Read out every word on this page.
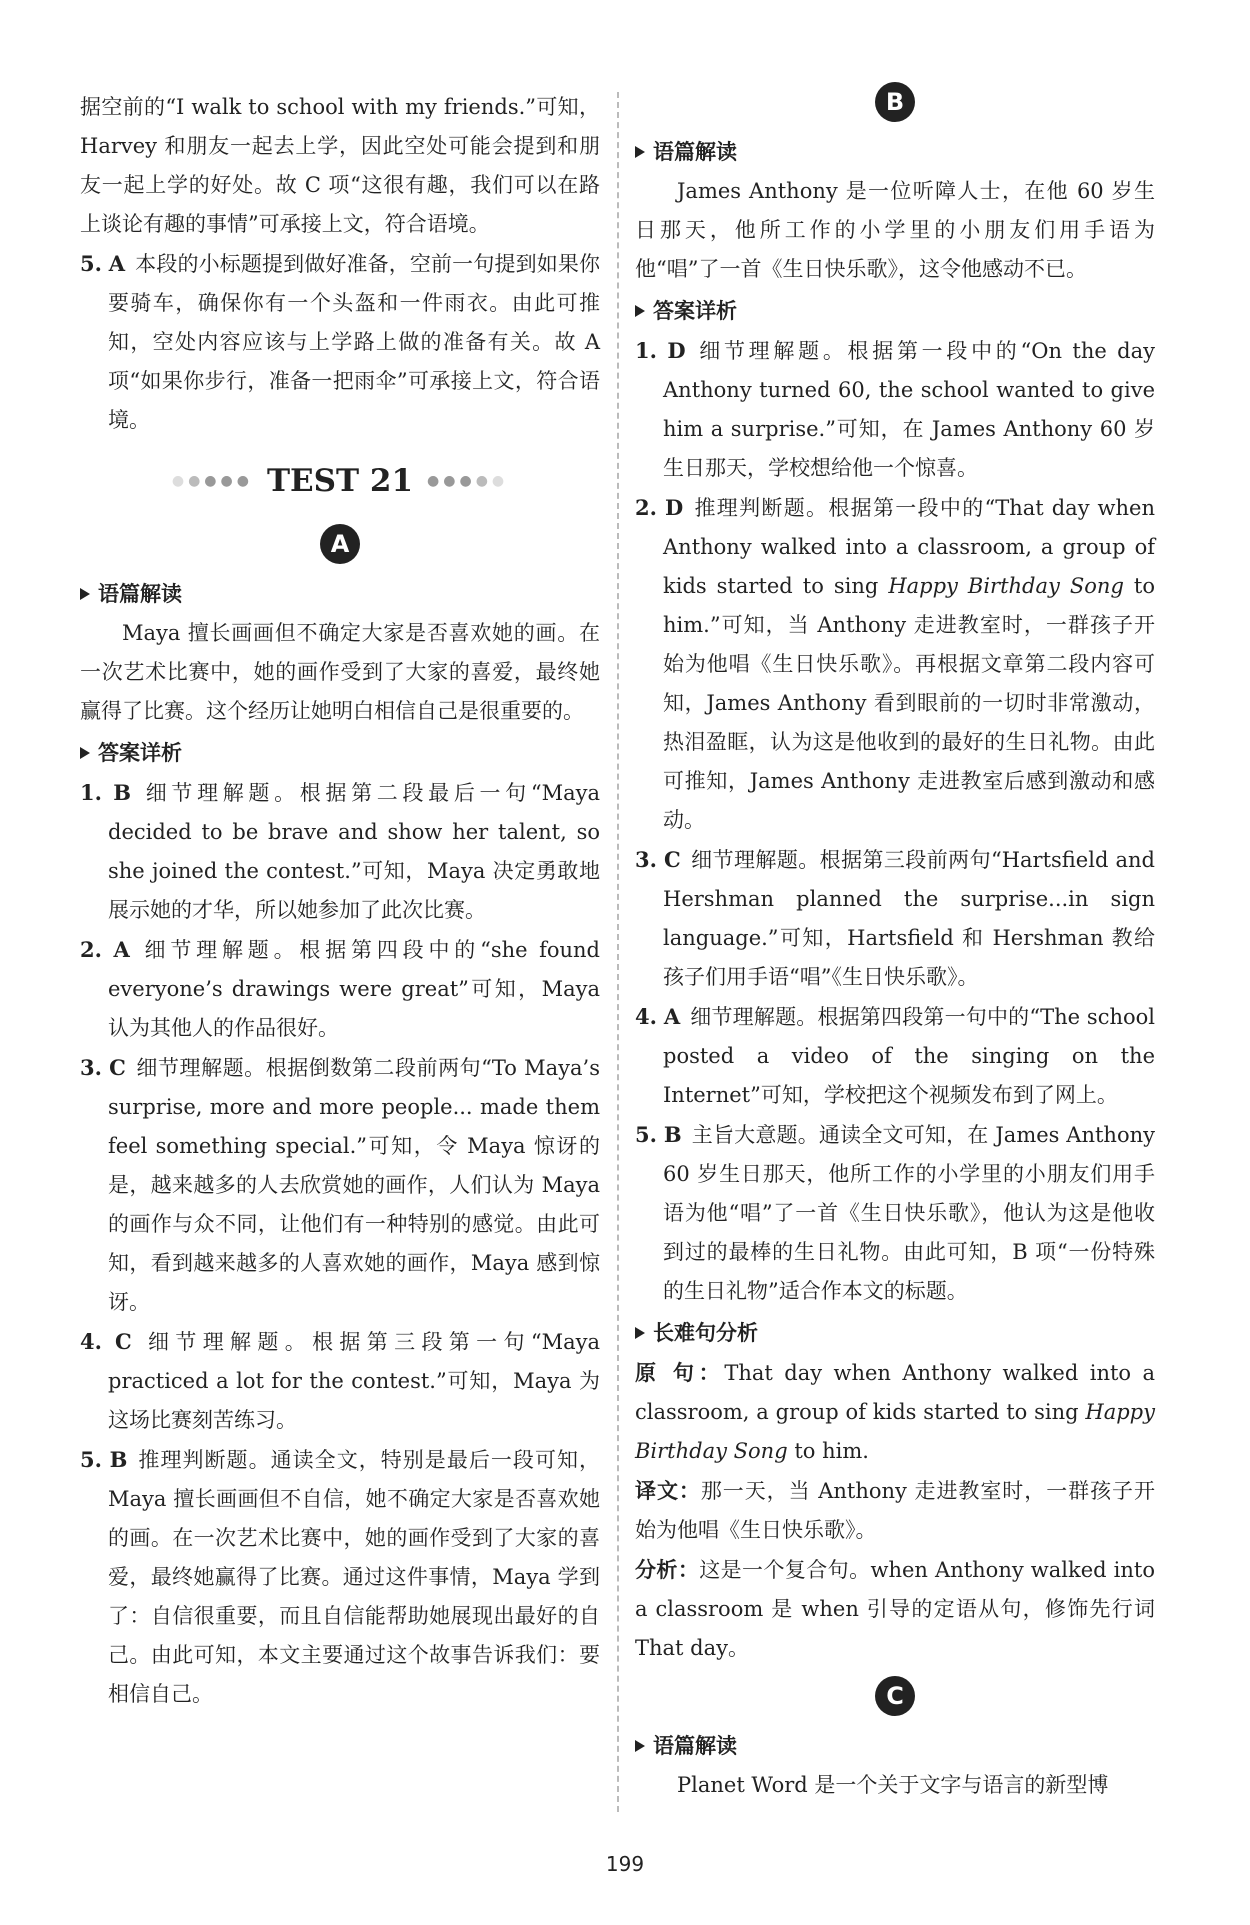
据空前的“I walk to school with my friends.”可知，Harvey 和朋友一起去上学，因此空处可能会提到和朋友一起上学的好处。故 C 项“这很有趣，我们可以在路上谈论有趣的事情”可承接上文，符合语境。

5. A 本段的小标题提到做好准备，空前一句提到如果你要骑车，确保你有一个头盔和一件雨衣。由此可推知，空处内容应该与上学路上做的准备有关。故 A 项“如果你步行，准备一把雨伞”可承接上文，符合语境。

●●●●● TEST 21 ●●●●●
A
语篇解读

Maya 擅长画画但不确定大家是否喜欢她的画。在一次艺术比赛中，她的画作受到了大家的喜爱，最终她赢得了比赛。这个经历让她明白相信自己是很重要的。

答案详析

1. B 细节理解题。根据第二段最后一句“Maya decided to be brave and show her talent, so she joined the contest.”可知，Maya 决定勇敢地展示她的才华，所以她参加了此次比赛。

2. A 细节理解题。根据第四段中的“she found everyone’s drawings were great”可知，Maya 认为其他人的作品很好。

3. C 细节理解题。根据倒数第二段前两句“To Maya’s surprise, more and more people... made them feel something special.”可知，令 Maya 惊讶的是，越来越多的人去欣赏她的画作，人们认为 Maya 的画作与众不同，让他们有一种特别的感觉。由此可知，看到越来越多的人喜欢她的画作，Maya 感到惊讶。

4. C 细节理解题。根据第三段第一句“Maya practiced a lot for the contest.”可知，Maya 为这场比赛刻苦练习。

5. B 推理判断题。通读全文，特别是最后一段可知，Maya 擅长画画但不自信，她不确定大家是否喜欢她的画。在一次艺术比赛中，她的画作受到了大家的喜爱，最终她赢得了比赛。通过这件事情，Maya 学到了：自信很重要，而且自信能帮助她展现出最好的自己。由此可知，本文主要通过这个故事告诉我们：要相信自己。

B
语篇解读

James Anthony 是一位听障人士，在他 60 岁生日那天，他所工作的小学里的小朋友们用手语为他“唱”了一首《生日快乐歌》，这令他感动不已。

答案详析

1. D 细节理解题。根据第一段中的“On the day Anthony turned 60, the school wanted to give him a surprise.”可知，在 James Anthony 60 岁生日那天，学校想给他一个惊喜。

2. D 推理判断题。根据第一段中的“That day when Anthony walked into a classroom, a group of kids started to sing Happy Birthday Song to him.”可知，当 Anthony 走进教室时，一群孩子开始为他唱《生日快乐歌》。再根据文章第二段内容可知，James Anthony 看到眼前的一切时非常激动，热泪盈眶，认为这是他收到的最好的生日礼物。由此可推知，James Anthony 走进教室后感到激动和感动。

3. C 细节理解题。根据第三段前两句“Hartsfield and Hershman planned the surprise...in sign language.”可知，Hartsfield 和 Hershman 教给孩子们用手语“唱”《生日快乐歌》。

4. A 细节理解题。根据第四段第一句中的“The school posted a video of the singing on the Internet”可知，学校把这个视频发布到了网上。

5. B 主旨大意题。通读全文可知，在 James Anthony 60 岁生日那天，他所工作的小学里的小朋友们用手语为他“唱”了一首《生日快乐歌》，他认为这是他收到过的最棒的生日礼物。由此可知，B 项“一份特殊的生日礼物”适合作本文的标题。

长难句分析

原 句：That day when Anthony walked into a classroom, a group of kids started to sing Happy Birthday Song to him.

译文：那一天，当 Anthony 走进教室时，一群孩子开始为他唱《生日快乐歌》。

分析：这是一个复合句。when Anthony walked into a classroom 是 when 引导的定语从句，修饰先行词 That day。

C
语篇解读

Planet Word 是一个关于文字与语言的新型博

199
